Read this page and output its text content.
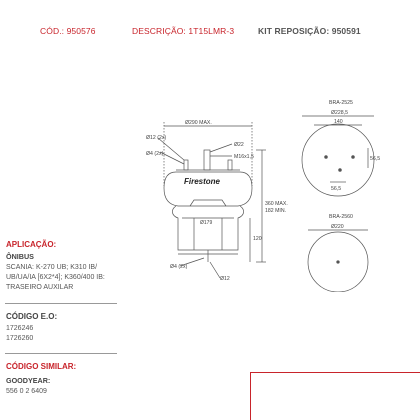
CÓD.: 950576	DESCRIÇÃO: 1T15LMR-3	KIT REPOSIÇÃO: 950591
Ø290 MAX.
Ø12 (2x)
Ø22
M16x1,5
Ø4 (2x)
360 MAX.
182 MIN.
Ø179
120
Ø4 (2x)
Ø12
BRA-2525
Ø228,5
140
56,5
56,5
BRA-2560
Ø220
Firestone
APLICAÇÃO:
ÔNIBUS
SCANIA: K-270 UB; K310 IB/
UB/UA/IA [6X2*4]; K360/400 IB:
TRASEIRO AUXILAR
CÓDIGO E.O:
1726246
1726260
CÓDIGO SIMILAR:
GOODYEAR:
556 0 2 6409
